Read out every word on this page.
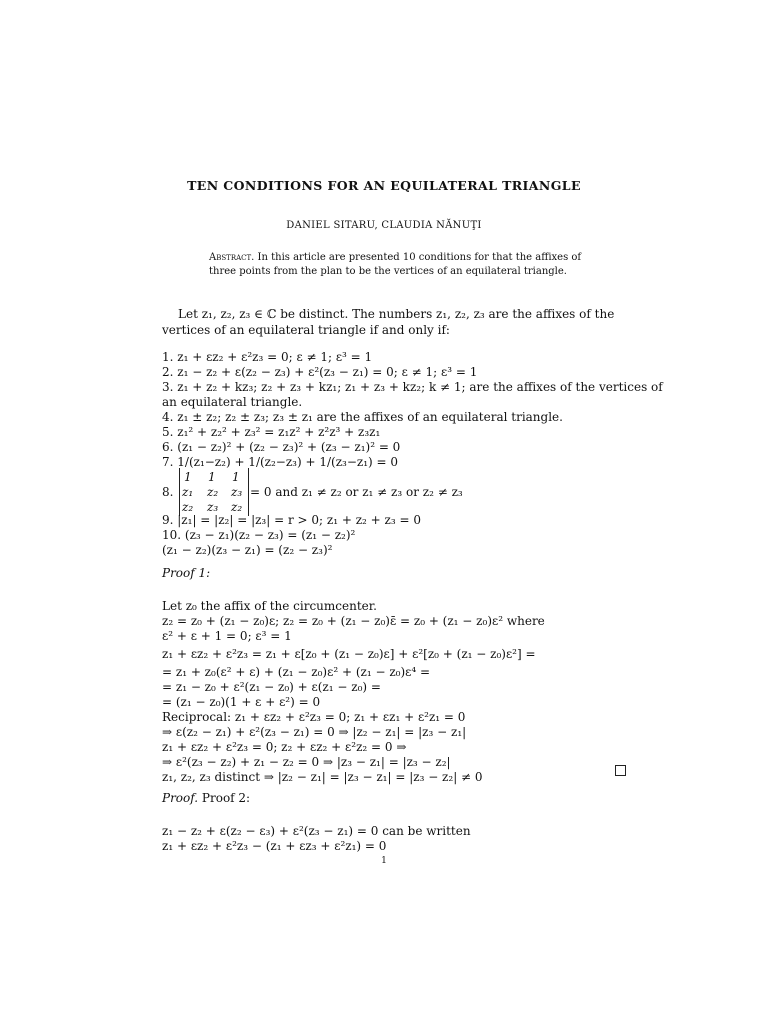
TEN CONDITIONS FOR AN EQUILATERAL TRIANGLE
DANIEL SITARU, CLAUDIA NĂNUŢI
Abstract. In this article are presented 10 conditions for that the affixes of three points from the plan to be the vertices of an equilateral triangle.
Let z₁, z₂, z₃ ∈ ℂ be distinct. The numbers z₁, z₂, z₃ are the affixes of the vertices of an equilateral triangle if and only if:
1. z₁ + εz₂ + ε²z₃ = 0; ε ≠ 1; ε³ = 1
2. z₁ − z₂ + ε(z₂ − z₃) + ε²(z₃ − z₁) = 0; ε ≠ 1; ε³ = 1
3. z₁ + z₂ + kz₃; z₂ + z₃ + kz₁; z₁ + z₃ + kz₂; k ≠ 1; are the affixes of the vertices of
an equilateral triangle.
4. z₁ ± z₂; z₂ ± z₃; z₃ ± z₁ are the affixes of an equilateral triangle.
5. z₁² + z₂² + z₃² = z₁z² + z²z³ + z₃z₁
6. (z₁ − z₂)² + (z₂ − z₃)² + (z₃ − z₁)² = 0
7. 1/(z₁−z₂) + 1/(z₂−z₃) + 1/(z₃−z₁) = 0
8.
1 1 1
z₁ z₂ z₃
z₂ z₃ z₂
= 0 and z₁ ≠ z₂ or z₁ ≠ z₃ or z₂ ≠ z₃
9. |z₁| = |z₂| = |z₃| = r > 0; z₁ + z₂ + z₃ = 0
10. (z₃ − z₁)(z₂ − z₃) = (z₁ − z₂)²
(z₁ − z₂)(z₃ − z₁) = (z₂ − z₃)²
Proof 1:
Let z₀ the affix of the circumcenter.
z₂ = z₀ + (z₁ − z₀)ε; z₂ = z₀ + (z₁ − z₀)ε̄ = z₀ + (z₁ − z₀)ε² where
ε² + ε + 1 = 0; ε³ = 1
z₁ + εz₂ + ε²z₃ = z₁ + ε[z₀ + (z₁ − z₀)ε] + ε²[z₀ + (z₁ − z₀)ε²] =
= z₁ + z₀(ε² + ε) + (z₁ − z₀)ε² + (z₁ − z₀)ε⁴ =
= z₁ − z₀ + ε²(z₁ − z₀) + ε(z₁ − z₀) =
= (z₁ − z₀)(1 + ε + ε²) = 0
Reciprocal: z₁ + εz₂ + ε²z₃ = 0; z₁ + εz₁ + ε²z₁ = 0
⇒ ε(z₂ − z₁) + ε²(z₃ − z₁) = 0 ⇒ |z₂ − z₁| = |z₃ − z₁|
z₁ + εz₂ + ε²z₃ = 0; z₂ + εz₂ + ε²z₂ = 0 ⇒
⇒ ε²(z₃ − z₂) + z₁ − z₂ = 0 ⇒ |z₃ − z₁| = |z₃ − z₂|
z₁, z₂, z₃ distinct ⇒ |z₂ − z₁| = |z₃ − z₁| = |z₃ − z₂| ≠ 0
Proof. Proof 2:
z₁ − z₂ + ε(z₂ − ε₃) + ε²(z₃ − z₁) = 0 can be written
z₁ + εz₂ + ε²z₃ − (z₁ + εz₃ + ε²z₁) = 0
1
